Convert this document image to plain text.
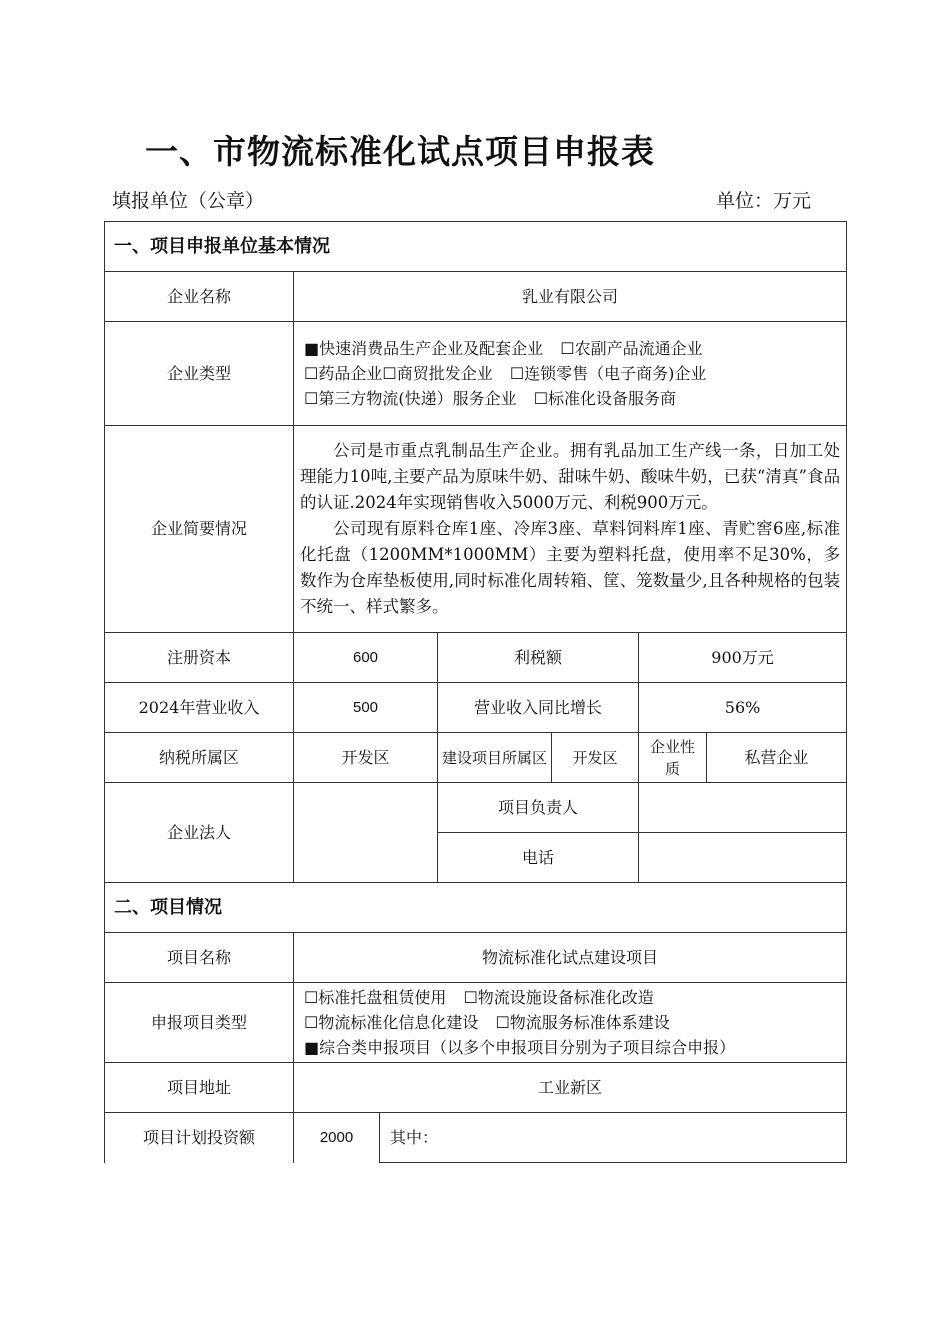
一、市物流标准化试点项目申报表
填报单位（公章）	单位：万元
一、项目申报单位基本情况						
企业名称	乳业有限公司					
企业类型	■快速消费品生产企业及配套企业 ☐农副产品流通企业
☐药品企业☐商贸批发企业 ☐连锁零售（电子商务)企业
☐第三方物流(快递）服务企业 ☐标准化设备服务商					

企业简要情况	公司是市重点乳制品生产企业。拥有乳品加工生产线一条，日加工处理能力10吨,主要产品为原味牛奶、甜味牛奶、酸味牛奶，已获“清真”食品的认证.2024年实现销售收入5000万元、利税900万元。

公司现有原料仓库1座、冷库3座、草料饲料库1座、青贮窖6座,标准化托盘（1200MM*1000MM）主要为塑料托盘，使用率不足30%，多数作为仓库垫板使用,同时标准化周转箱、筐、笼数量少,且各种规格的包装不统一、样式繁多。					

注册资本	600		利税额		900万元	
2024年营业收入	500		营业收入同比增长		56%	
纳税所属区	开发区		建设项目所属区	开发区	企业性质	私营企业
企业法人			项目负责人			
			电话			
二、项目情况						
项目名称	物流标准化试点建设项目					
申报项目类型	☐标准托盘租赁使用 ☐物流设施设备标准化改造
☐物流标准化信息化建设 ☐物流服务标准体系建设
■综合类申报项目（以多个申报项目分别为子项目综合申报）					

项目地址	工业新区					
项目计划投资额	2000	其中：				
